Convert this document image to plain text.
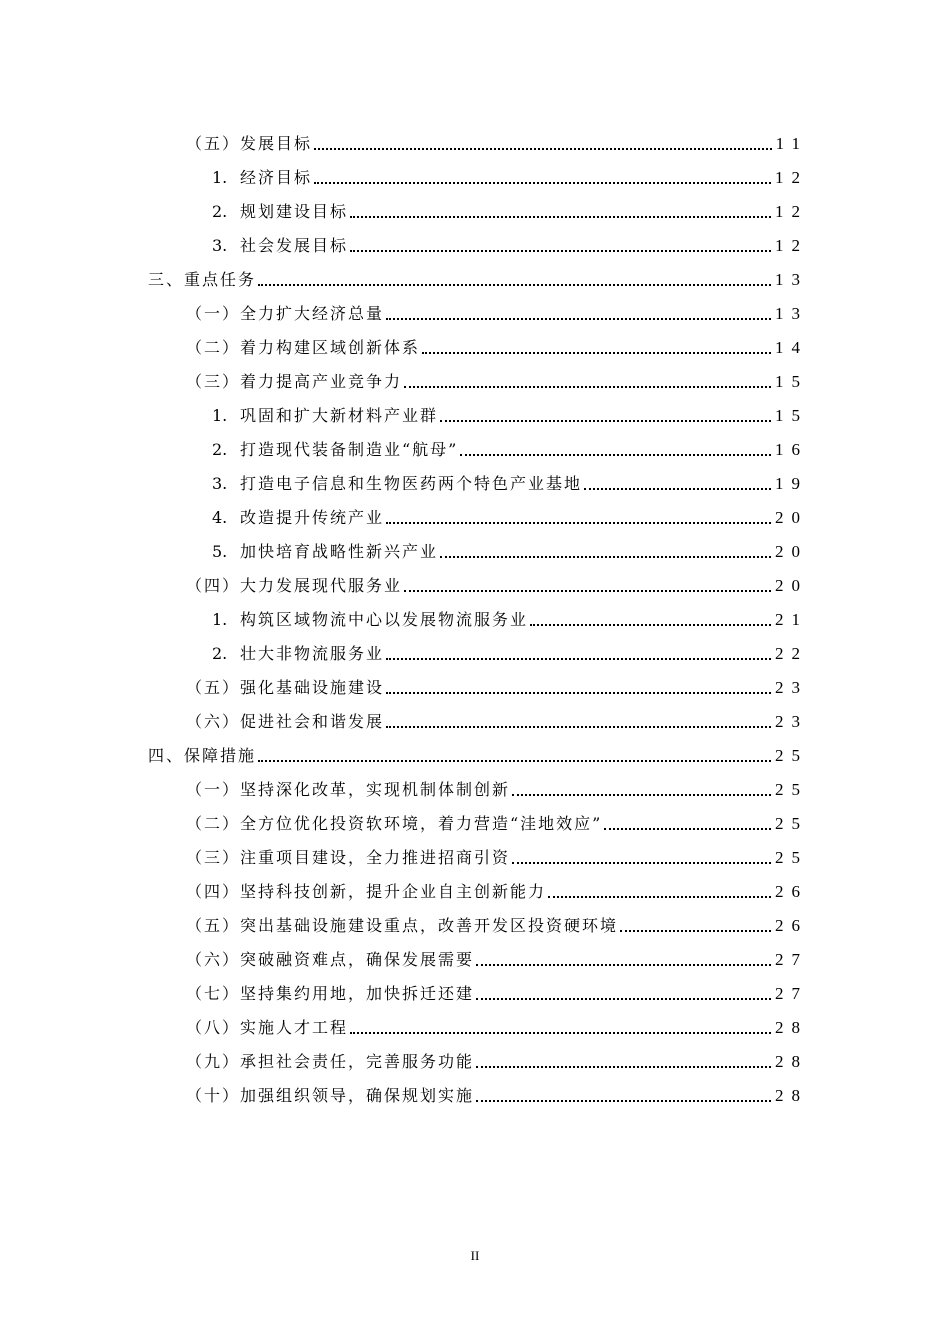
（五）发展目标	11
1. 经济目标	12
2. 规划建设目标	12
3. 社会发展目标	12
三、重点任务	13
（一）全力扩大经济总量	13
（二）着力构建区域创新体系	14
（三）着力提高产业竞争力	15
1. 巩固和扩大新材料产业群	15
2. 打造现代装备制造业“航母”	16
3. 打造电子信息和生物医药两个特色产业基地	19
4. 改造提升传统产业	20
5. 加快培育战略性新兴产业	20
（四）大力发展现代服务业	20
1. 构筑区域物流中心以发展物流服务业	21
2. 壮大非物流服务业	22
（五）强化基础设施建设	23
（六）促进社会和谐发展	23
四、保障措施	25
（一）坚持深化改革，实现机制体制创新	25
（二）全方位优化投资软环境，着力营造“洼地效应”	25
（三）注重项目建设，全力推进招商引资	25
（四）坚持科技创新，提升企业自主创新能力	26
（五）突出基础设施建设重点，改善开发区投资硬环境	26
（六）突破融资难点，确保发展需要	27
（七）坚持集约用地，加快拆迁还建	27
（八）实施人才工程	28
（九）承担社会责任，完善服务功能	28
（十）加强组织领导，确保规划实施	28
II
